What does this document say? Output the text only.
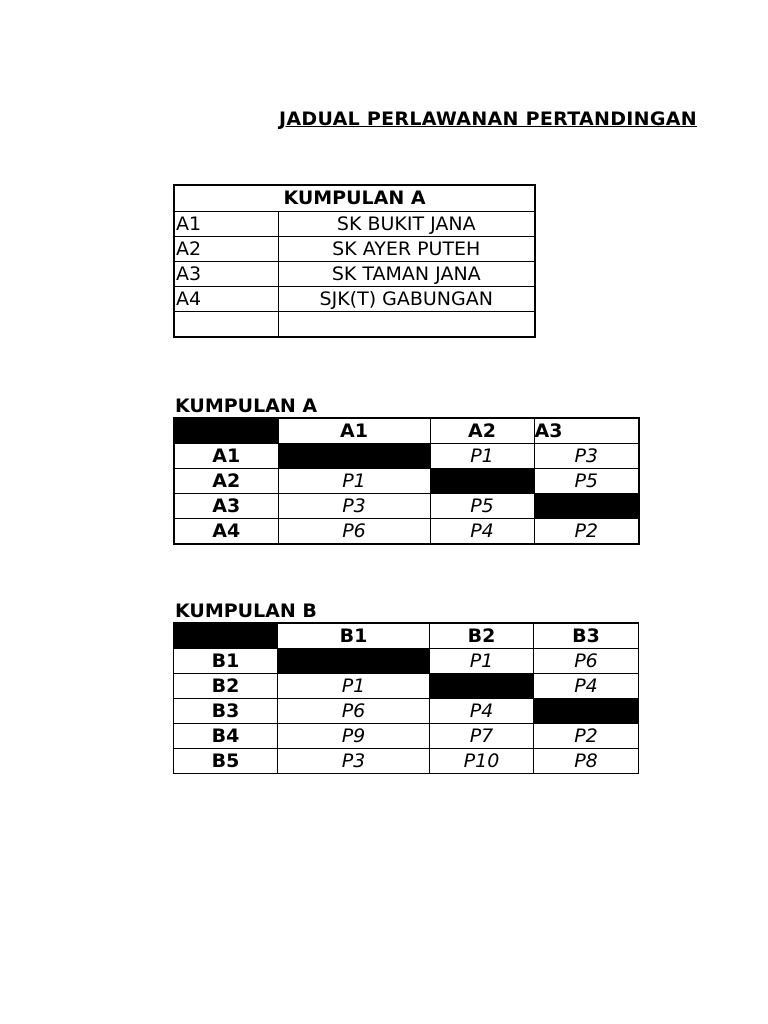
JADUAL PERLAWANAN PERTANDINGAN
KUMPULAN A	
A1	SK BUKIT JANA
A2	SK AYER PUTEH
A3	SK TAMAN JANA
A4	SJK(T) GABUNGAN

KUMPULAN A
	A1	A2	A3
A1		P1	P3
A2	P1		P5
A3	P3	P5	
A4	P6	P4	P2
KUMPULAN B
	B1	B2	B3
B1		P1	P6
B2	P1		P4
B3	P6	P4	
B4	P9	P7	P2
B5	P3	P10	P8
